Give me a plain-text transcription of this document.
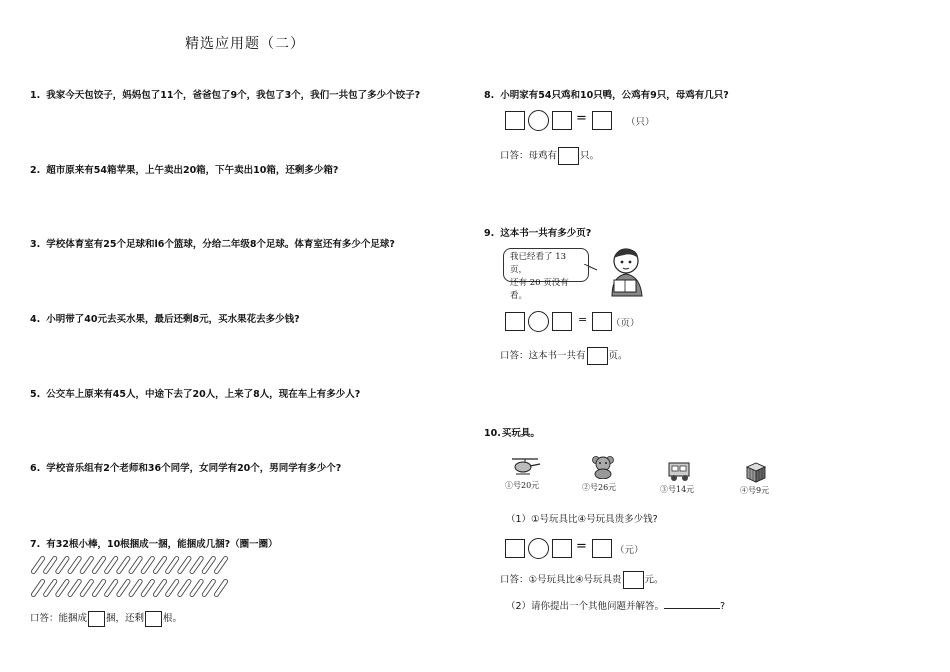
精选应用题（二）
1. 我家今天包饺子，妈妈包了11个，爸爸包了9个，我包了3个，我们一共包了多少个饺子?
2. 超市原来有54箱苹果，上午卖出20箱，下午卖出10箱，还剩多少箱?
3. 学校体育室有25个足球和l6个篮球，分给二年级8个足球。体育室还有多少个足球?
4. 小明带了40元去买水果，最后还剩8元，买水果花去多少钱?
5. 公交车上原来有45人，中途下去了20人，上来了8人，现在车上有多少人?
6. 学校音乐组有2个老师和36个同学，女同学有20个，男同学有多少个?
7. 有32根小棒，10根捆成一捆，能捆成几捆?（圈一圈）
口答：能捆成 捆，还剩 根。
8. 小明家有54只鸡和10只鸭，公鸡有9只，母鸡有几只?
=	（只）
口答：母鸡有 只。
9. 这本书一共有多少页?
我已经看了 13 页，
还有 20 页没有看。
=	（页）
口答：这本书一共有 页。
10.买玩具。
①号20元	②号26元	③号14元	④号9元
（1）①号玩具比④号玩具贵多少钱?
=	（元）
口答：①号玩具比④号玩具贵 元。
（2）请你提出一个其他问题并解答。	?
